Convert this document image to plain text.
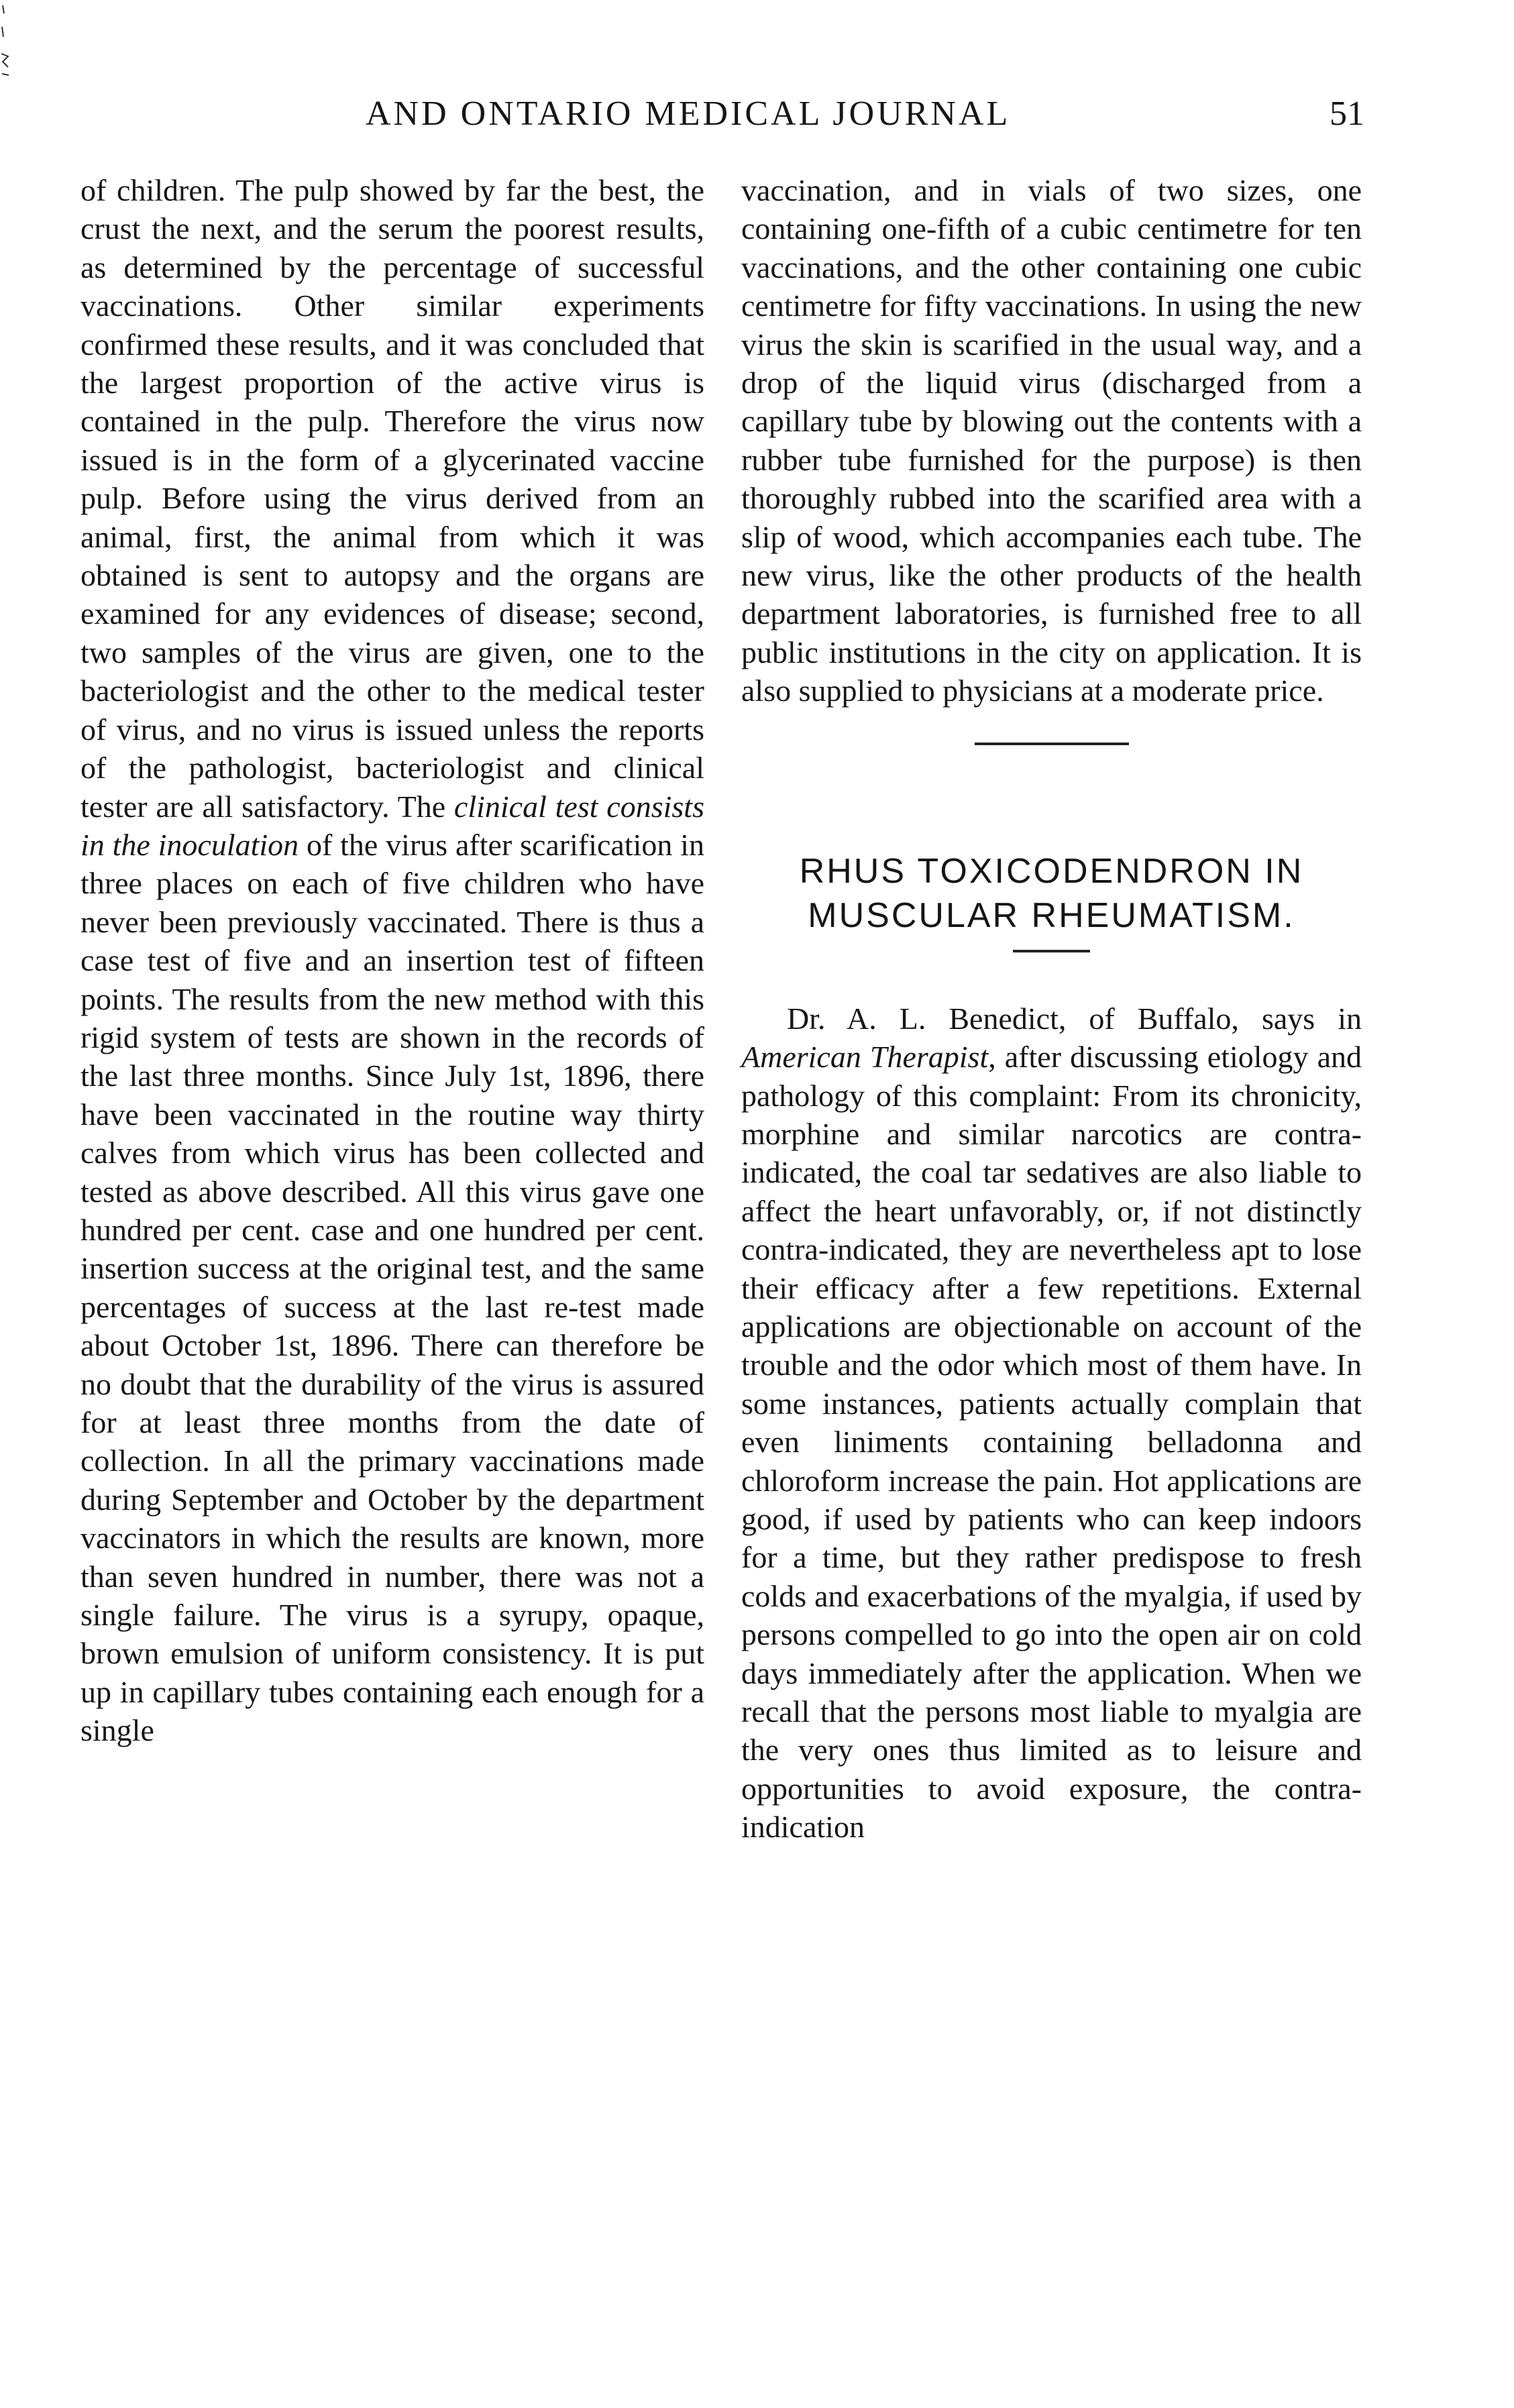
AND ONTARIO MEDICAL JOURNAL	51

of children. The pulp showed by far the best, the crust the next, and the serum the poorest results, as determined by the percentage of successful vaccinations. Other similar experiments confirmed these results, and it was concluded that the largest proportion of the active virus is contained in the pulp. Therefore the virus now issued is in the form of a glycerinated vaccine pulp. Before using the virus derived from an animal, first, the animal from which it was obtained is sent to autopsy and the organs are examined for any evidences of disease; second, two samples of the virus are given, one to the bacteriologist and the other to the medical tester of virus, and no virus is issued unless the reports of the pathologist, bacteriologist and clinical tester are all satisfactory. The clinical test consists in the inoculation of the virus after scarification in three places on each of five children who have never been previously vaccinated. There is thus a case test of five and an insertion test of fifteen points. The results from the new method with this rigid system of tests are shown in the records of the last three months. Since July 1st, 1896, there have been vaccinated in the routine way thirty calves from which virus has been collected and tested as above described. All this virus gave one hundred per cent. case and one hundred per cent. insertion success at the original test, and the same percentages of success at the last re-test made about October 1st, 1896. There can therefore be no doubt that the durability of the virus is assured for at least three months from the date of collection. In all the primary vaccinations made during September and October by the department vaccinators in which the results are known, more than seven hundred in number, there was not a single failure. The virus is a syrupy, opaque, brown emulsion of uniform consistency. It is put up in capillary tubes containing each enough for a single

vaccination, and in vials of two sizes, one containing one-fifth of a cubic centimetre for ten vaccinations, and the other containing one cubic centimetre for fifty vaccinations. In using the new virus the skin is scarified in the usual way, and a drop of the liquid virus (discharged from a capillary tube by blowing out the contents with a rubber tube furnished for the purpose) is then thoroughly rubbed into the scarified area with a slip of wood, which accompanies each tube. The new virus, like the other products of the health department laboratories, is furnished free to all public institutions in the city on application. It is also supplied to physicians at a moderate price.

RHUS TOXICODENDRON IN MUSCULAR RHEUMATISM.

Dr. A. L. Benedict, of Buffalo, says in American Therapist, after discussing etiology and pathology of this complaint: From its chronicity, morphine and similar narcotics are contra-indicated, the coal tar sedatives are also liable to affect the heart unfavorably, or, if not distinctly contra-indicated, they are nevertheless apt to lose their efficacy after a few repetitions. External applications are objectionable on account of the trouble and the odor which most of them have. In some instances, patients actually complain that even liniments containing belladonna and chloroform increase the pain. Hot applications are good, if used by patients who can keep indoors for a time, but they rather predispose to fresh colds and exacerbations of the myalgia, if used by persons compelled to go into the open air on cold days immediately after the application. When we recall that the persons most liable to myalgia are the very ones thus limited as to leisure and opportunities to avoid exposure, the contra-indication
